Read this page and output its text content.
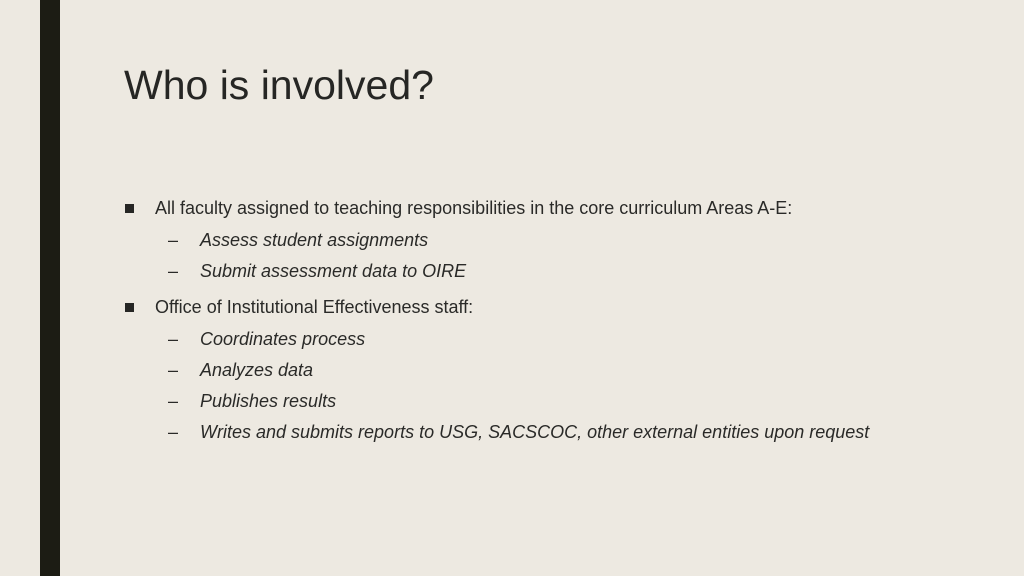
Who is involved?
All faculty assigned to teaching responsibilities in the core curriculum Areas A-E:
– Assess student assignments
– Submit assessment data to OIRE
Office of Institutional Effectiveness staff:
– Coordinates process
– Analyzes data
– Publishes results
– Writes and submits reports to USG, SACSCOC, other external entities upon request
